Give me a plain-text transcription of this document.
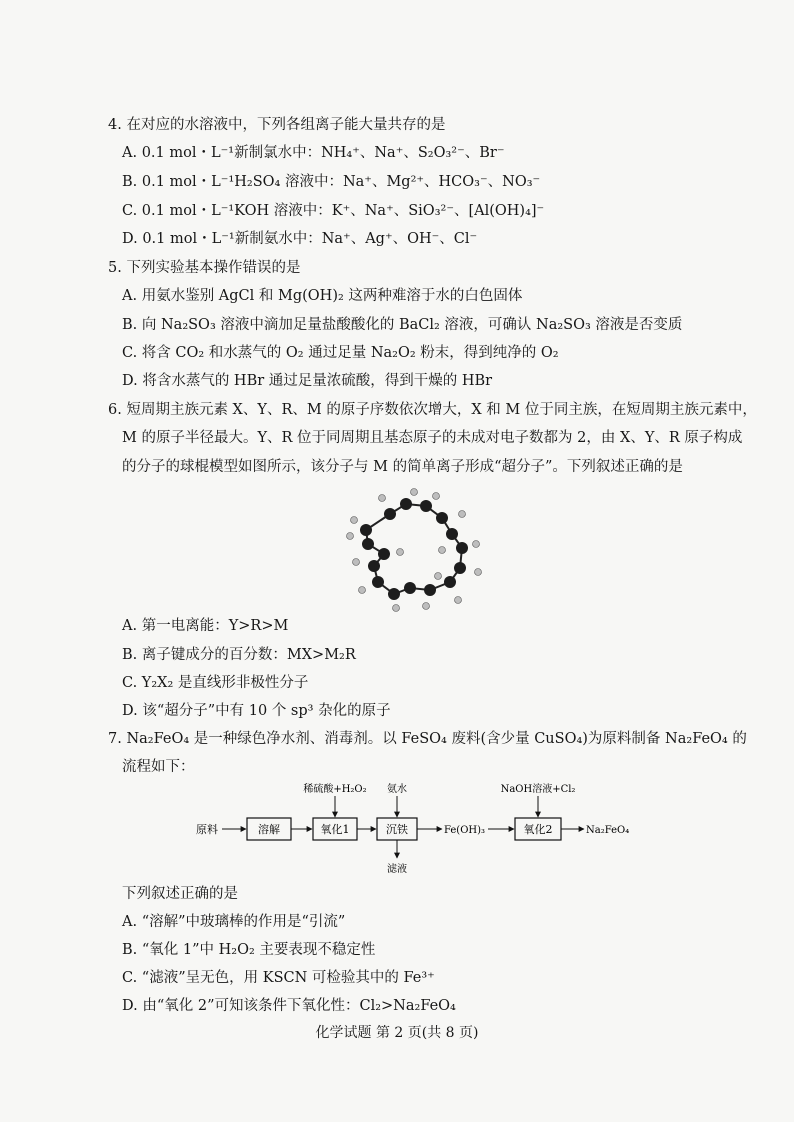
4. 在对应的水溶液中，下列各组离子能大量共存的是
A. 0.1 mol・L⁻¹新制氯水中：NH₄⁺、Na⁺、S₂O₃²⁻、Br⁻
B. 0.1 mol・L⁻¹H₂SO₄ 溶液中：Na⁺、Mg²⁺、HCO₃⁻、NO₃⁻
C. 0.1 mol・L⁻¹KOH 溶液中：K⁺、Na⁺、SiO₃²⁻、[Al(OH)₄]⁻
D. 0.1 mol・L⁻¹新制氨水中：Na⁺、Ag⁺、OH⁻、Cl⁻
5. 下列实验基本操作错误的是
A. 用氨水鉴别 AgCl 和 Mg(OH)₂ 这两种难溶于水的白色固体
B. 向 Na₂SO₃ 溶液中滴加足量盐酸酸化的 BaCl₂ 溶液，可确认 Na₂SO₃ 溶液是否变质
C. 将含 CO₂ 和水蒸气的 O₂ 通过足量 Na₂O₂ 粉末，得到纯净的 O₂
D. 将含水蒸气的 HBr 通过足量浓硫酸，得到干燥的 HBr
6. 短周期主族元素 X、Y、R、M 的原子序数依次增大，X 和 M 位于同主族，在短周期主族元素中，
M 的原子半径最大。Y、R 位于同周期且基态原子的未成对电子数都为 2，由 X、Y、R 原子构成
的分子的球棍模型如图所示，该分子与 M 的简单离子形成“超分子”。下列叙述正确的是
A. 第一电离能：Y>R>M
B. 离子键成分的百分数：MX>M₂R
C. Y₂X₂ 是直线形非极性分子
D. 该“超分子”中有 10 个 sp³ 杂化的原子
7. Na₂FeO₄ 是一种绿色净水剂、消毒剂。以 FeSO₄ 废料(含少量 CuSO₄)为原料制备 Na₂FeO₄ 的
流程如下：
原料	溶解	氧化1
稀硫酸+H₂O₂
沉铁
氨水
滤液
Fe(OH)₃	氧化2
NaOH溶液+Cl₂
Na₂FeO₄
下列叙述正确的是
A. “溶解”中玻璃棒的作用是“引流”
B. “氧化 1”中 H₂O₂ 主要表现不稳定性
C. “滤液”呈无色，用 KSCN 可检验其中的 Fe³⁺
D. 由“氧化 2”可知该条件下氧化性：Cl₂>Na₂FeO₄
化学试题 第 2 页(共 8 页)
